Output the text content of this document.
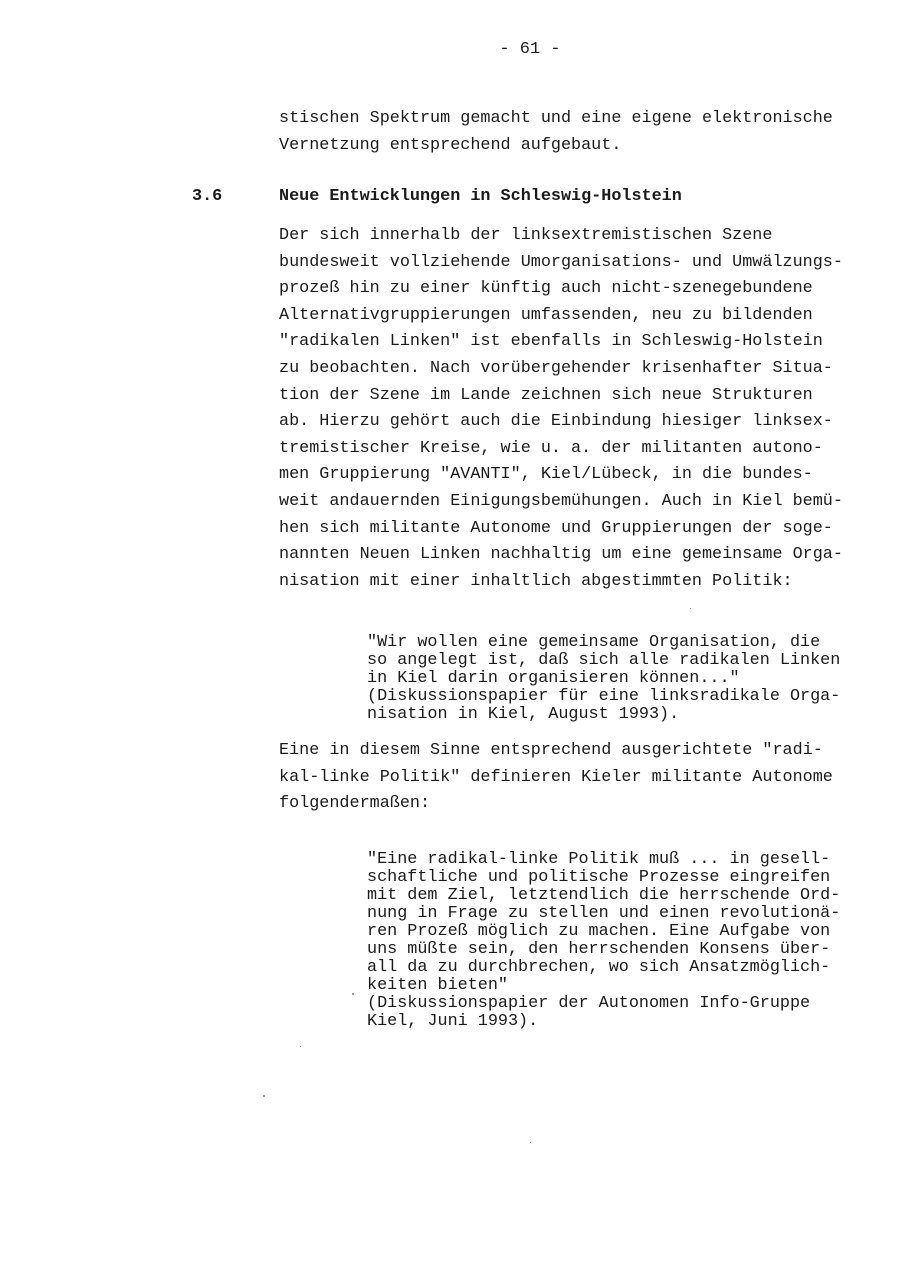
- 61 -
stischen Spektrum gemacht und eine eigene elektronische
Vernetzung entsprechend aufgebaut.
3.6	Neue Entwicklungen in Schleswig-Holstein
Der sich innerhalb der linksextremistischen Szene
bundesweit vollziehende Umorganisations- und Umwälzungs-
prozeß hin zu einer künftig auch nicht-szenegebundene
Alternativgruppierungen umfassenden, neu zu bildenden
"radikalen Linken" ist ebenfalls in Schleswig-Holstein
zu beobachten. Nach vorübergehender krisenhafter Situa-
tion der Szene im Lande zeichnen sich neue Strukturen
ab. Hierzu gehört auch die Einbindung hiesiger linksex-
tremistischer Kreise, wie u. a. der militanten autono-
men Gruppierung "AVANTI", Kiel/Lübeck, in die bundes-
weit andauernden Einigungsbemühungen. Auch in Kiel bemü-
hen sich militante Autonome und Gruppierungen der soge-
nannten Neuen Linken nachhaltig um eine gemeinsame Orga-
nisation mit einer inhaltlich abgestimmten Politik:
"Wir wollen eine gemeinsame Organisation, die
so angelegt ist, daß sich alle radikalen Linken
in Kiel darin organisieren können..."
(Diskussionspapier für eine linksradikale Orga-
nisation in Kiel, August 1993).
Eine in diesem Sinne entsprechend ausgerichtete "radi-
kal-linke Politik" definieren Kieler militante Autonome
folgendermaßen:
"Eine radikal-linke Politik muß ... in gesell-
schaftliche und politische Prozesse eingreifen
mit dem Ziel, letztendlich die herrschende Ord-
nung in Frage zu stellen und einen revolutionä-
ren Prozeß möglich zu machen. Eine Aufgabe von
uns müßte sein, den herrschenden Konsens über-
all da zu durchbrechen, wo sich Ansatzmöglich-
keiten bieten"
(Diskussionspapier der Autonomen Info-Gruppe
Kiel, Juni 1993).
